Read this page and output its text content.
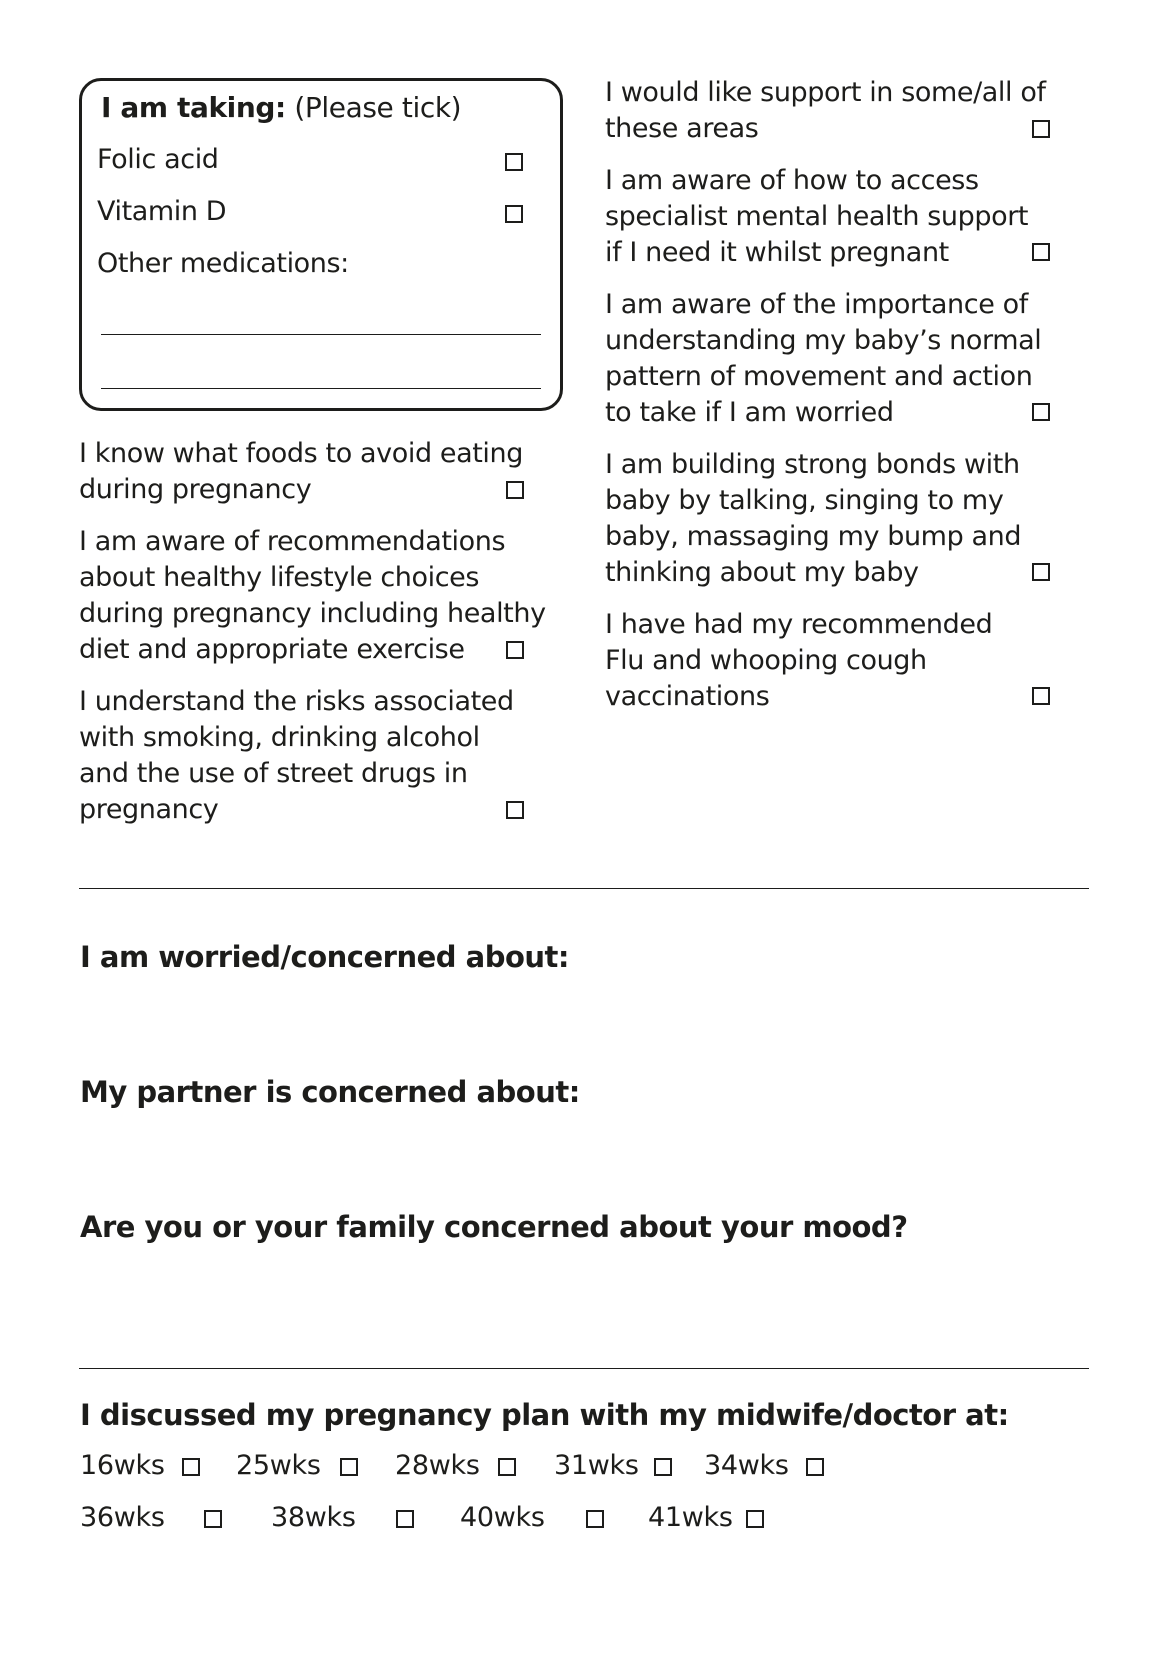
I am taking: (Please tick)
Folic acid
Vitamin D
Other medications:
I know what foods to avoid eating
during pregnancy
I am aware of recommendations
about healthy lifestyle choices
during pregnancy including healthy
diet and appropriate exercise
I understand the risks associated
with smoking, drinking alcohol
and the use of street drugs in
pregnancy
I would like support in some/all of
these areas
I am aware of how to access
specialist mental health support
if I need it whilst pregnant
I am aware of the importance of
understanding my baby’s normal
pattern of movement and action
to take if I am worried
I am building strong bonds with
baby by talking, singing to my
baby, massaging my bump and
thinking about my baby
I have had my recommended
Flu and whooping cough
vaccinations
I am worried/concerned about:
My partner is concerned about:
Are you or your family concerned about your mood?
I discussed my pregnancy plan with my midwife/doctor at:
16wks	25wks	28wks	31wks 34wks
36wks	38wks	40wks	41wks
